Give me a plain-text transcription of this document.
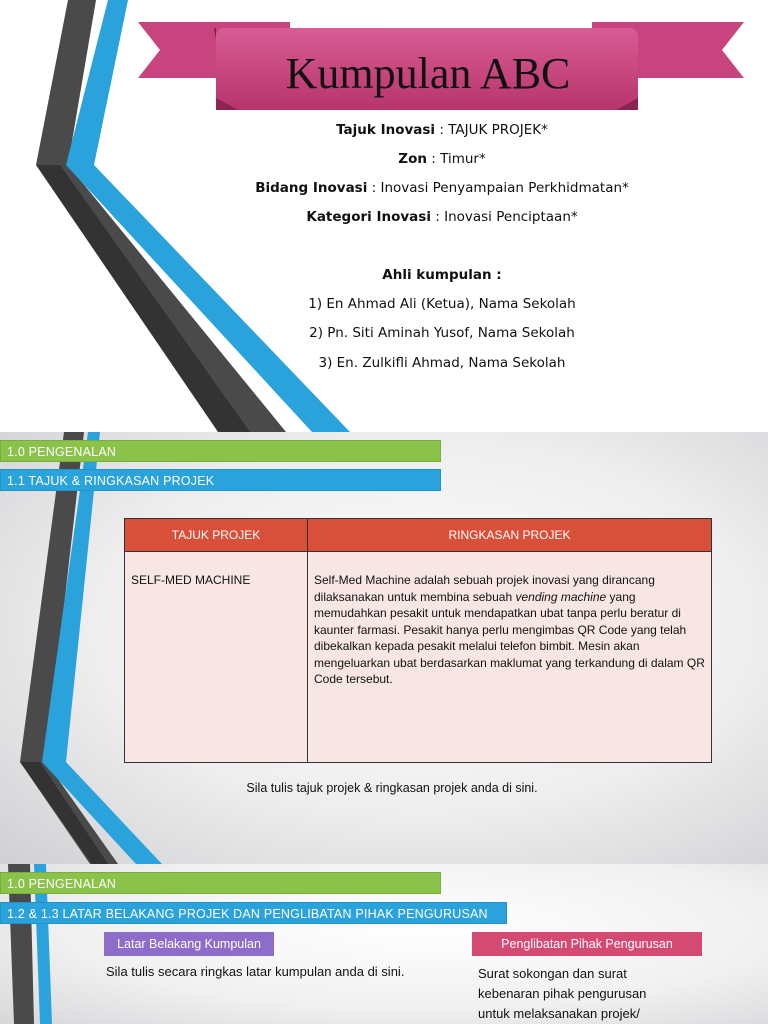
Kumpulan ABC
Tajuk Inovasi : TAJUK PROJEK*
Zon : Timur*
Bidang Inovasi : Inovasi Penyampaian Perkhidmatan*
Kategori Inovasi : Inovasi Penciptaan*
Ahli kumpulan :
1) En Ahmad Ali (Ketua), Nama Sekolah
2) Pn. Siti Aminah Yusof, Nama Sekolah
3) En. Zulkifli Ahmad, Nama Sekolah
1.0 PENGENALAN
1.1 TAJUK & RINGKASAN PROJEK
TAJUK PROJEK	RINGKASAN PROJEK
SELF-MED MACHINE	Self-Med Machine adalah sebuah projek inovasi yang dirancang dilaksanakan untuk membina sebuah vending machine yang memudahkan pesakit untuk mendapatkan ubat tanpa perlu beratur di kaunter farmasi. Pesakit hanya perlu mengimbas QR Code yang telah dibekalkan kepada pesakit melalui telefon bimbit. Mesin akan mengeluarkan ubat berdasarkan maklumat yang terkandung di dalam QR Code tersebut.
Sila tulis tajuk projek & ringkasan projek anda di sini.
1.0 PENGENALAN
1.2 & 1.3 LATAR BELAKANG PROJEK DAN PENGLIBATAN PIHAK PENGURUSAN
Latar Belakang Kumpulan	Penglibatan Pihak Pengurusan
Sila tulis secara ringkas latar kumpulan anda di sini.	Surat sokongan dan surat kebenaran pihak pengurusan untuk melaksanakan projek/
